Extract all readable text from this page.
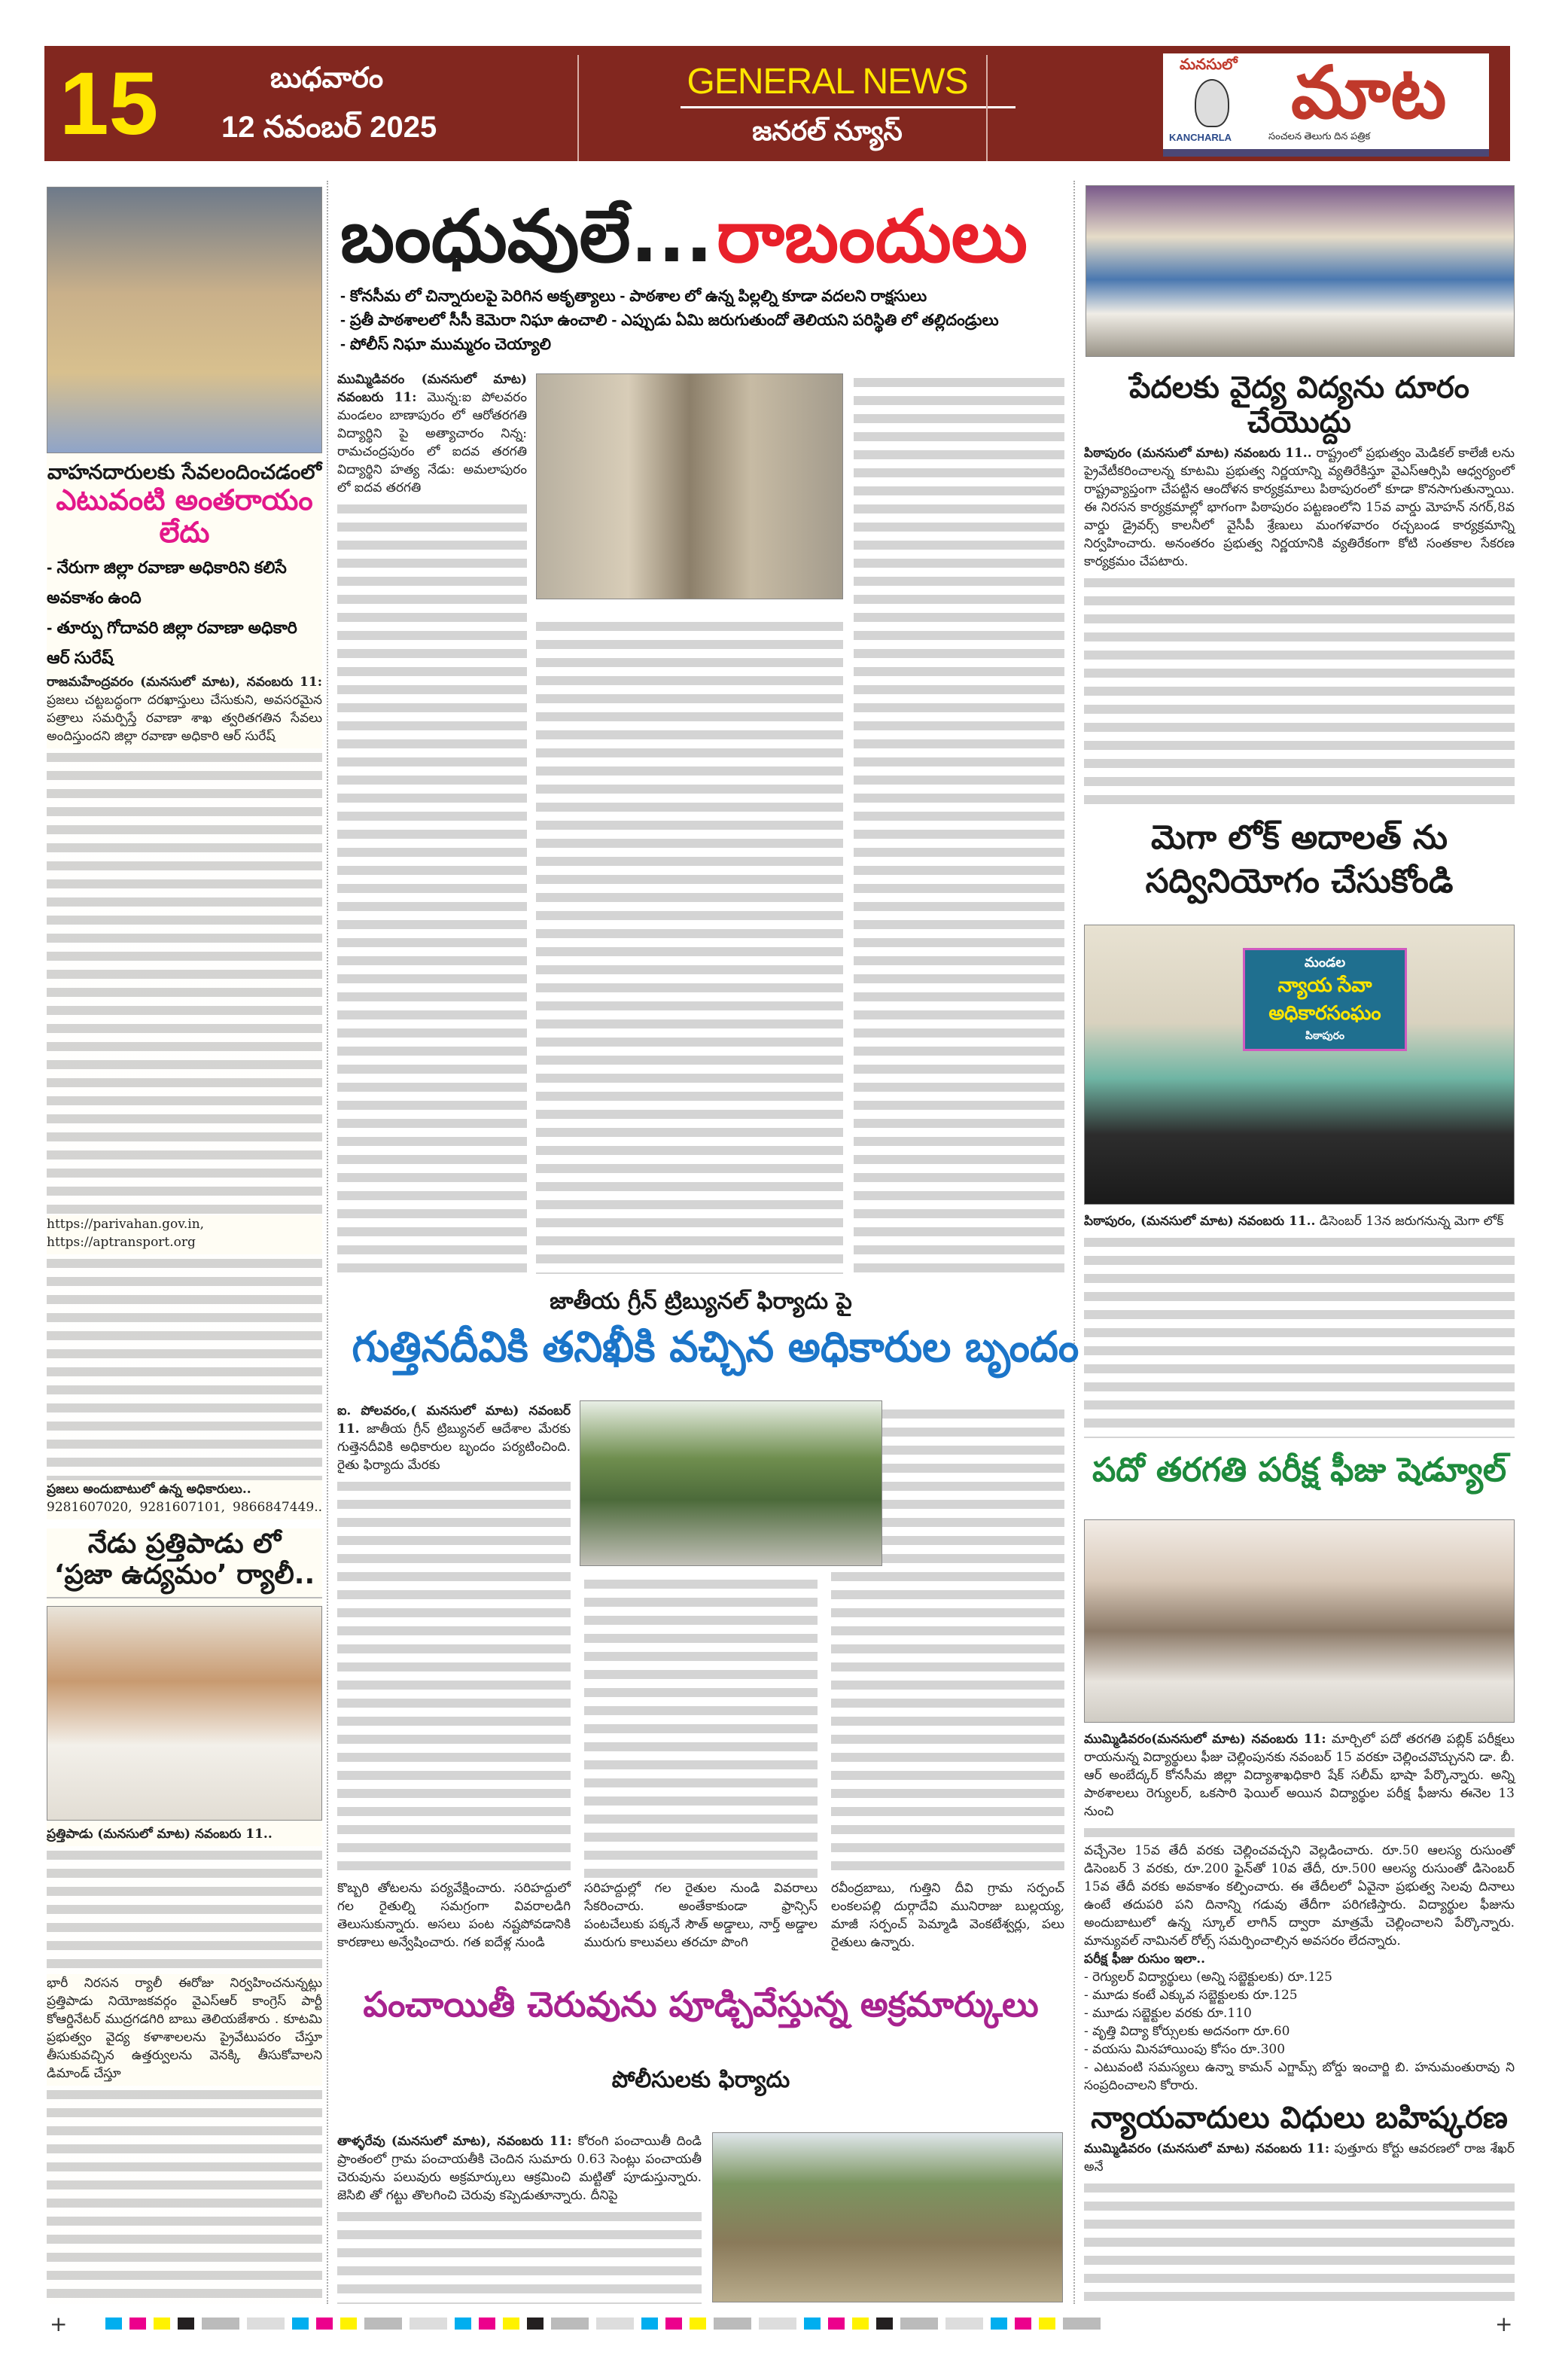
15	బుధవారం
12 నవంబర్ 2025
GENERAL NEWS
జనరల్ న్యూస్
మనసులో మాట
KANCHARLA	సంచలన తెలుగు దిన పత్రిక
వాహనదారులకు సేవలందించడంలో
ఎటువంటి అంతరాయం లేదు
- నేరుగా జిల్లా రవాణా అధికారిని కలిసే అవకాశం ఉంది
- తూర్పు గోదావరి జిల్లా రవాణా అధికారి ఆర్ సురేష్

రాజమహేంద్రవరం (మనసులో మాట), నవంబరు 11: ప్రజలు చట్టబద్ధంగా దరఖాస్తులు చేసుకుని, అవసరమైన పత్రాలు సమర్పిస్తే రవాణా శాఖ త్వరితగతిన సేవలు అందిస్తుందని జిల్లా రవాణా అధికారి ఆర్ సురేష్

https://parivahan.gov.in, https://aptransport.org

ప్రజలు అందుబాటులో ఉన్న అధికారులు..

9281607020, 9281607101, 9866847449..

నేడు ప్రత్తిపాడు లో
‘ప్రజా ఉద్యమం’ ర్యాలీ..

ప్రత్తిపాడు (మనసులో మాట) నవంబరు 11..

భారీ నిరసన ర్యాలీ ఈరోజు నిర్వహించనున్నట్లు ప్రత్తిపాడు నియోజకవర్గం వైఎస్ఆర్ కాంగ్రెస్ పార్టీ కోఆర్డినేటర్ ముద్రగడగిరి బాబు తెలియజేశారు . కూటమి ప్రభుత్వం వైద్య కళాశాలలను ప్రైవేటుపరం చేస్తూ తీసుకువచ్చిన ఉత్తర్వులను వెనక్కి తీసుకోవాలని డిమాండ్ చేస్తూ

బంధువులే... రాబందులు
- కోనసీమ లో చిన్నారులపై పెరిగిన అకృత్యాలు - పాఠశాల లో ఉన్న పిల్లల్ని కూడా వదలని రాక్షసులు
- ప్రతీ పాఠశాలలో సీసీ కెమెరా నిఘా ఉంచాలి - ఎప్పుడు ఏమి జరుగుతుందో తెలియని పరిస్థితి లో తల్లిదండ్రులు
- పోలీస్ నిఘా ముమ్మరం చెయ్యాలి

ముమ్మిడివరం (మనసులో మాట) నవంబరు 11: మొన్న:ఐ పోలవరం మండలం బాణాపురం లో ఆరోతరగతి విద్యార్థిని పై అత్యాచారం నిన్న: రామచంద్రపురం లో ఐదవ తరగతి విద్యార్థిని హత్య నేడు: అమలాపురం లో ఐదవ తరగతి

జాతీయ గ్రీన్ ట్రిబ్యునల్ ఫిర్యాదు పై
గుత్తినదీవికి తనిఖీకి వచ్చిన అధికారుల బృందం

ఐ. పోలవరం,( మనసులో మాట) నవంబర్ 11. జాతీయ గ్రీన్ ట్రిబ్యునల్ ఆదేశాల మేరకు గుత్తెనదీవికి అధికారుల బృందం పర్యటించింది. రైతు ఫిర్యాదు మేరకు

కొబ్బరి తోటలను పర్యవేక్షించారు. సరిహద్దులో గల రైతుల్ని సమగ్రంగా వివరాలడిగి తెలుసుకున్నారు. అసలు పంట నష్టపోవడానికి కారణాలు అన్వేషించారు. గత ఐదేళ్ల నుండి

సరిహద్దుల్లో గల రైతుల నుండి వివరాలు సేకరించారు. అంతేకాకుండా ఫ్రాన్సిస్ పంటచేలుకు పక్కనే సౌత్ అడ్డాలు, నార్త్ అడ్డాల మురుగు కాలువలు తరచూ పొంగి

రవీంద్రబాబు, గుత్తిని దీవి గ్రామ సర్పంచ్ లంకలపల్లి దుర్గాదేవి మునిరాజు బుల్లయ్య, మాజీ సర్పంచ్ పెమ్మాడి వెంకటేశ్వర్లు, పలు రైతులు ఉన్నారు.

పంచాయితీ చెరువును పూడ్చివేస్తున్న అక్రమార్కులు
పోలీసులకు ఫిర్యాదు

తాళ్ళరేవు (మనసులో మాట), నవంబరు 11: కోరంగి పంచాయితీ దిండి ప్రాంతంలో గ్రామ పంచాయతీకి చెందిన సుమారు 0.63 సెంట్లు పంచాయతీ చెరువును పలువురు అక్రమార్కులు ఆక్రమించి మట్టితో పూడుస్తున్నారు. జెసిబి తో గట్టు తొలగించి చెరువు కప్పెడుతూన్నారు. దీనిపై

పేదలకు వైద్య విద్యను దూరం చేయొద్దు

పిఠాపురం (మనసులో మాట) నవంబరు 11.. రాష్ట్రంలో ప్రభుత్వం మెడికల్ కాలేజీ లను ప్రైవేటీకరించాలన్న కూటమి ప్రభుత్వ నిర్ణయాన్ని వ్యతిరేకిస్తూ వైఎస్ఆర్సిపి ఆధ్వర్యంలో రాష్ట్రవ్యాప్తంగా చేపట్టిన ఆందోళన కార్యక్రమాలు పిఠాపురంలో కూడా కొనసాగుతున్నాయి. ఈ నిరసన కార్యక్రమాల్లో భాగంగా పిఠాపురం పట్టణంలోని 15వ వార్డు మోహన్ నగర్,8వ వార్డు డ్రైవర్స్ కాలనీలో వైసీపీ శ్రేణులు మంగళవారం రచ్చబండ కార్యక్రమాన్ని నిర్వహించారు. అనంతరం ప్రభుత్వ నిర్ణయానికి వ్యతిరేకంగా కోటి సంతకాల సేకరణ కార్యక్రమం చేపటారు.

మెగా లోక్ అదాలత్ ను
సద్వినియోగం చేసుకోండి
మండల
న్యాయ సేవా అధికారసంఘం
పిఠాపురం

పిఠాపురం, (మనసులో మాట) నవంబరు 11.. డిసెంబర్ 13న జరుగనున్న మెగా లోక్

పదో తరగతి పరీక్ష ఫీజు షెడ్యూల్

ముమ్మిడివరం(మనసులో మాట) నవంబరు 11: మార్చిలో పదో తరగతి పబ్లిక్ పరీక్షలు రాయనున్న విద్యార్థులు ఫీజు చెల్లింపునకు నవంబర్ 15 వరకూ చెల్లించవొచ్చునని డా. బీ. ఆర్ అంబేద్కర్ కోనసీమ జిల్లా విద్యాశాఖధికారి షేక్ సలీమ్ భాషా పేర్కొన్నారు. అన్ని పాఠశాలలు రెగ్యులర్, ఒకసారి ఫెయిల్ అయిన విద్యార్థుల పరీక్ష ఫీజును ఈనెల 13 నుంచి

వచ్చేనెల 15వ తేదీ వరకు చెల్లించవచ్చని వెల్లడించారు. రూ.50 ఆలస్య రుసుంతో డిసెంబర్ 3 వరకు, రూ.200 ఫైన్‌తో 10వ తేదీ, రూ.500 ఆలస్య రుసుంతో డిసెంబర్ 15వ తేదీ వరకు అవకాశం కల్పించారు. ఈ తేదీలలో ఏవైనా ప్రభుత్వ సెలవు దినాలు ఉంటే తదుపరి పని దినాన్ని గడువు తేదీగా పరిగణిస్తారు. విద్యార్థుల ఫీజును అందుబాటులో ఉన్న స్కూల్ లాగిన్ ద్వారా మాత్రమే చెల్లించాలని పేర్కొన్నారు. మాన్యువల్ నామినల్ రోల్స్ సమర్పించాల్సిన అవసరం లేదన్నారు.

పరీక్ష ఫీజు రుసుం ఇలా..

- రెగ్యులర్ విద్యార్థులు (అన్ని సబ్జెక్టులకు) రూ.125

- మూడు కంటే ఎక్కువ సబ్జెక్టులకు రూ.125

- మూడు సబ్జెక్టుల వరకు రూ.110

- వృత్తి విద్యా కోర్సులకు అదనంగా రూ.60

- వయసు మినహాయింపు కోసం రూ.300

- ఎటువంటి సమస్యలు ఉన్నా కామన్ ఎగ్జామ్స్ బోర్డు ఇంచార్జి బి. హనుమంతురావు ని సంప్రదించాలని కోరారు.

న్యాయవాదులు విధులు బహిష్కరణ

ముమ్మిడివరం (మనసులో మాట) నవంబరు 11: పుత్తూరు కోర్టు ఆవరణలో రాజ శేఖర్ అనే

+	+
